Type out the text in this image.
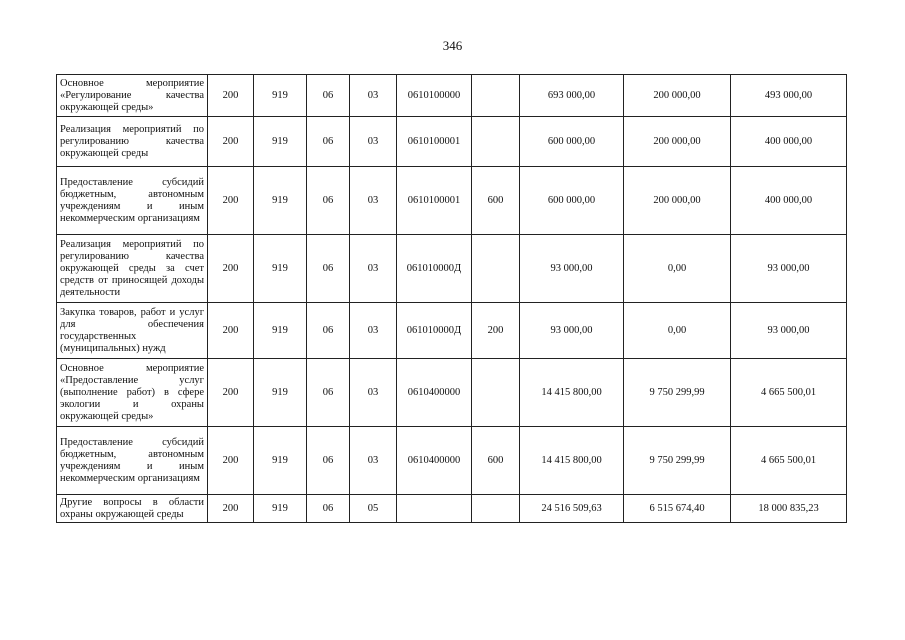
346
Основное мероприятие «Регулирование качества окружающей среды»	200	919	06	03	0610100000		693 000,00	200 000,00	493 000,00
Реализация мероприятий по регулированию качества окружающей среды	200	919	06	03	0610100001		600 000,00	200 000,00	400 000,00
Предоставление субсидий бюджетным, автономным учреждениям и иным некоммерческим организациям	200	919	06	03	0610100001	600	600 000,00	200 000,00	400 000,00
Реализация мероприятий по регулированию качества окружающей среды за счет средств от приносящей доходы деятельности	200	919	06	03	061010000Д		93 000,00	0,00	93 000,00
Закупка товаров, работ и услуг для обеспечения государственных (муниципальных) нужд	200	919	06	03	061010000Д	200	93 000,00	0,00	93 000,00
Основное мероприятие «Предоставление услуг (выполнение работ) в сфере экологии и охраны окружающей среды»	200	919	06	03	0610400000		14 415 800,00	9 750 299,99	4 665 500,01
Предоставление субсидий бюджетным, автономным учреждениям и иным некоммерческим организациям	200	919	06	03	0610400000	600	14 415 800,00	9 750 299,99	4 665 500,01
Другие вопросы в области охраны окружающей среды	200	919	06	05			24 516 509,63	6 515 674,40	18 000 835,23
